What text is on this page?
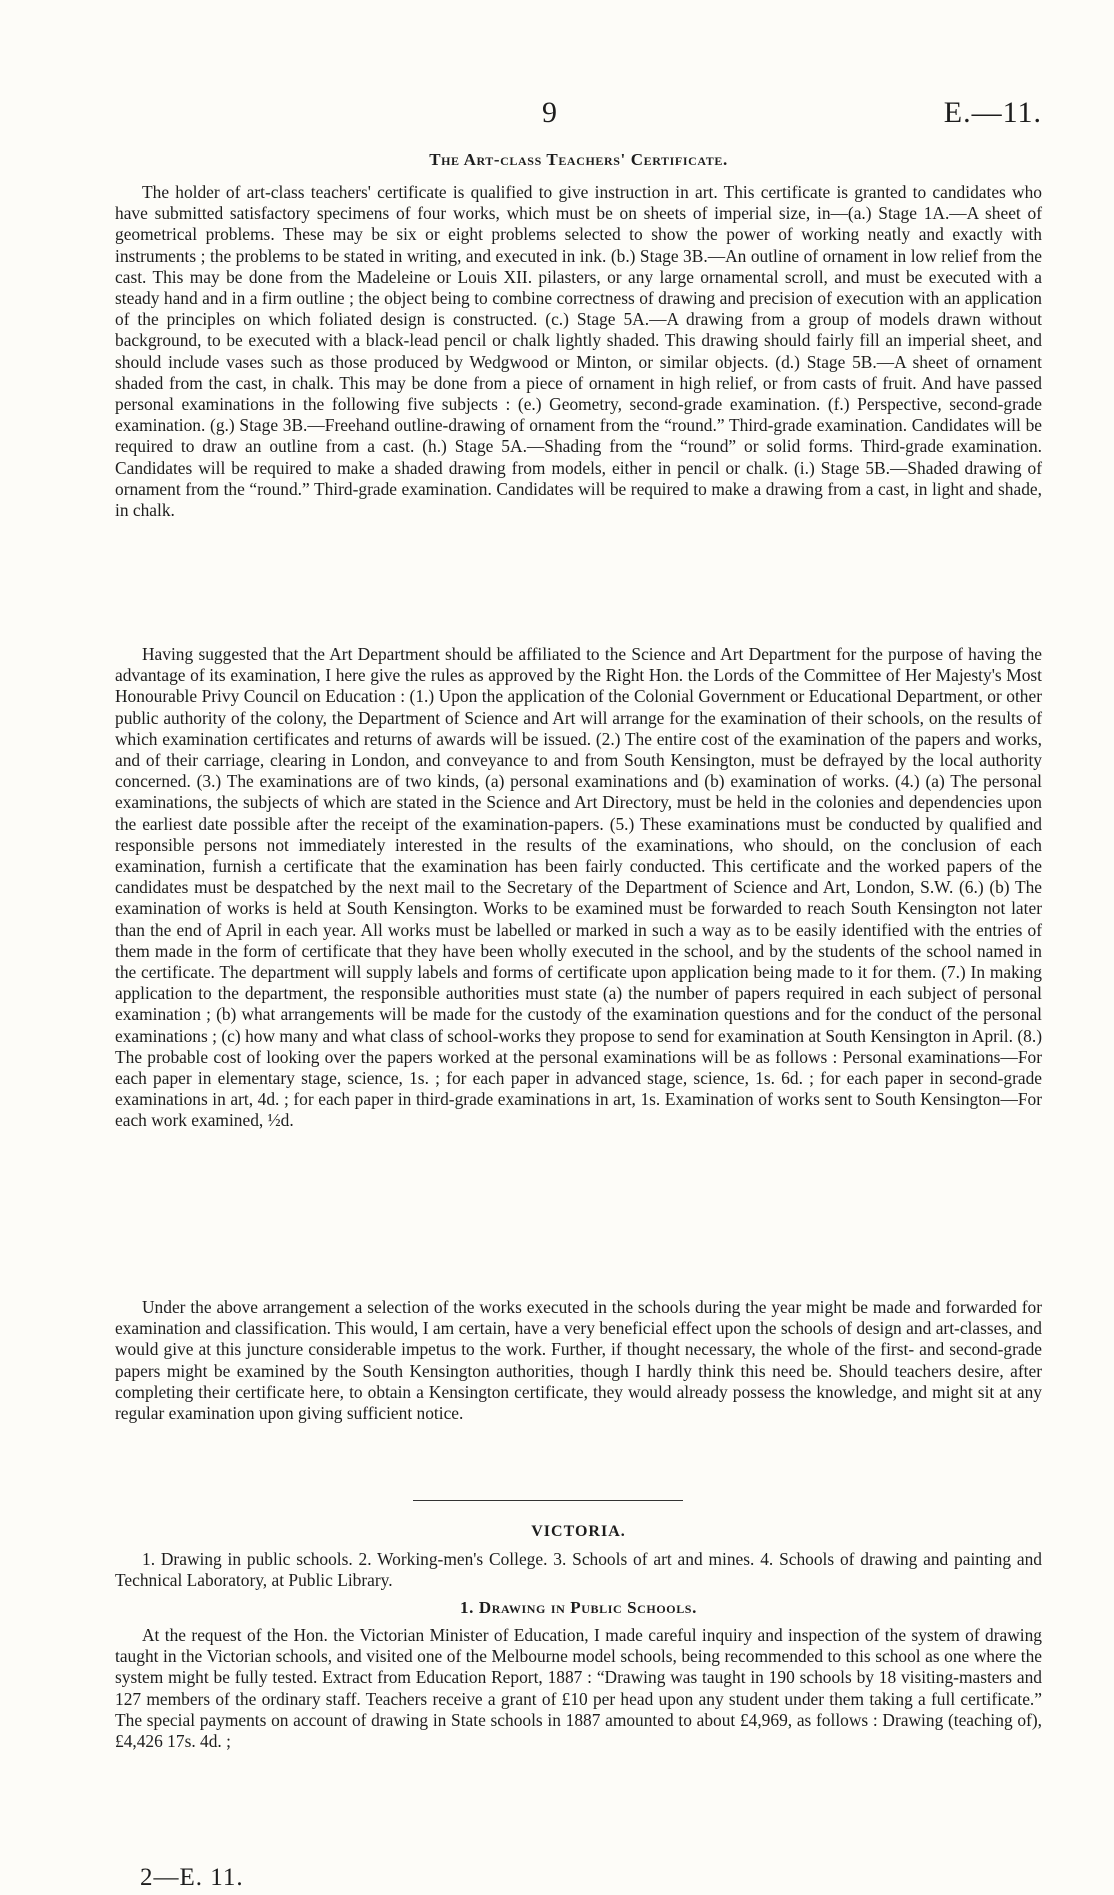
9	E.—11.
The Art-class Teachers' Certificate.

The holder of art-class teachers' certificate is qualified to give instruction in art. This certificate is granted to candidates who have submitted satisfactory specimens of four works, which must be on sheets of imperial size, in—(a.) Stage 1A.—A sheet of geometrical problems. These may be six or eight problems selected to show the power of working neatly and exactly with instruments ; the problems to be stated in writing, and executed in ink. (b.) Stage 3B.—An outline of ornament in low relief from the cast. This may be done from the Madeleine or Louis XII. pilasters, or any large ornamental scroll, and must be executed with a steady hand and in a firm outline ; the object being to combine correctness of drawing and precision of execution with an application of the principles on which foliated design is constructed. (c.) Stage 5A.—A drawing from a group of models drawn without background, to be executed with a black-lead pencil or chalk lightly shaded. This drawing should fairly fill an imperial sheet, and should include vases such as those produced by Wedgwood or Minton, or similar objects. (d.) Stage 5B.—A sheet of ornament shaded from the cast, in chalk. This may be done from a piece of ornament in high relief, or from casts of fruit. And have passed personal examinations in the following five subjects : (e.) Geometry, second-grade examination. (f.) Perspective, second-grade examination. (g.) Stage 3B.—Freehand outline-drawing of ornament from the “round.” Third-grade examination. Candidates will be required to draw an outline from a cast. (h.) Stage 5A.—Shading from the “round” or solid forms. Third-grade examination. Candidates will be required to make a shaded drawing from models, either in pencil or chalk. (i.) Stage 5B.—Shaded drawing of ornament from the “round.” Third-grade examination. Candidates will be required to make a drawing from a cast, in light and shade, in chalk.

Having suggested that the Art Department should be affiliated to the Science and Art Department for the purpose of having the advantage of its examination, I here give the rules as approved by the Right Hon. the Lords of the Committee of Her Majesty's Most Honourable Privy Council on Education : (1.) Upon the application of the Colonial Government or Educational Department, or other public authority of the colony, the Department of Science and Art will arrange for the examination of their schools, on the results of which examination certificates and returns of awards will be issued. (2.) The entire cost of the examination of the papers and works, and of their carriage, clearing in London, and conveyance to and from South Kensington, must be defrayed by the local authority concerned. (3.) The examinations are of two kinds, (a) personal examinations and (b) examination of works. (4.) (a) The personal examinations, the subjects of which are stated in the Science and Art Directory, must be held in the colonies and dependencies upon the earliest date possible after the receipt of the examination-papers. (5.) These examinations must be conducted by qualified and responsible persons not immediately interested in the results of the examinations, who should, on the conclusion of each examination, furnish a certificate that the examination has been fairly conducted. This certificate and the worked papers of the candidates must be despatched by the next mail to the Secretary of the Department of Science and Art, London, S.W. (6.) (b) The examination of works is held at South Kensington. Works to be examined must be forwarded to reach South Kensington not later than the end of April in each year. All works must be labelled or marked in such a way as to be easily identified with the entries of them made in the form of certificate that they have been wholly executed in the school, and by the students of the school named in the certificate. The department will supply labels and forms of certificate upon application being made to it for them. (7.) In making application to the department, the responsible authorities must state (a) the number of papers required in each subject of personal examination ; (b) what arrangements will be made for the custody of the examination questions and for the conduct of the personal examinations ; (c) how many and what class of school-works they propose to send for examination at South Kensington in April. (8.) The probable cost of looking over the papers worked at the personal examinations will be as follows : Personal examinations—For each paper in elementary stage, science, 1s. ; for each paper in advanced stage, science, 1s. 6d. ; for each paper in second-grade examinations in art, 4d. ; for each paper in third-grade examinations in art, 1s. Examination of works sent to South Kensington—For each work examined, ½d.

Under the above arrangement a selection of the works executed in the schools during the year might be made and forwarded for examination and classification. This would, I am certain, have a very beneficial effect upon the schools of design and art-classes, and would give at this juncture considerable impetus to the work. Further, if thought necessary, the whole of the first- and second-grade papers might be examined by the South Kensington authorities, though I hardly think this need be. Should teachers desire, after completing their certificate here, to obtain a Kensington certificate, they would already possess the knowledge, and might sit at any regular examination upon giving sufficient notice.

VICTORIA.

1. Drawing in public schools. 2. Working-men's College. 3. Schools of art and mines. 4. Schools of drawing and painting and Technical Laboratory, at Public Library.

1. Drawing in Public Schools.

At the request of the Hon. the Victorian Minister of Education, I made careful inquiry and inspection of the system of drawing taught in the Victorian schools, and visited one of the Melbourne model schools, being recommended to this school as one where the system might be fully tested. Extract from Education Report, 1887 : “Drawing was taught in 190 schools by 18 visiting-masters and 127 members of the ordinary staff. Teachers receive a grant of £10 per head upon any student under them taking a full certificate.” The special payments on account of drawing in State schools in 1887 amounted to about £4,969, as follows : Drawing (teaching of), £4,426 17s. 4d. ;

2—E. 11.
